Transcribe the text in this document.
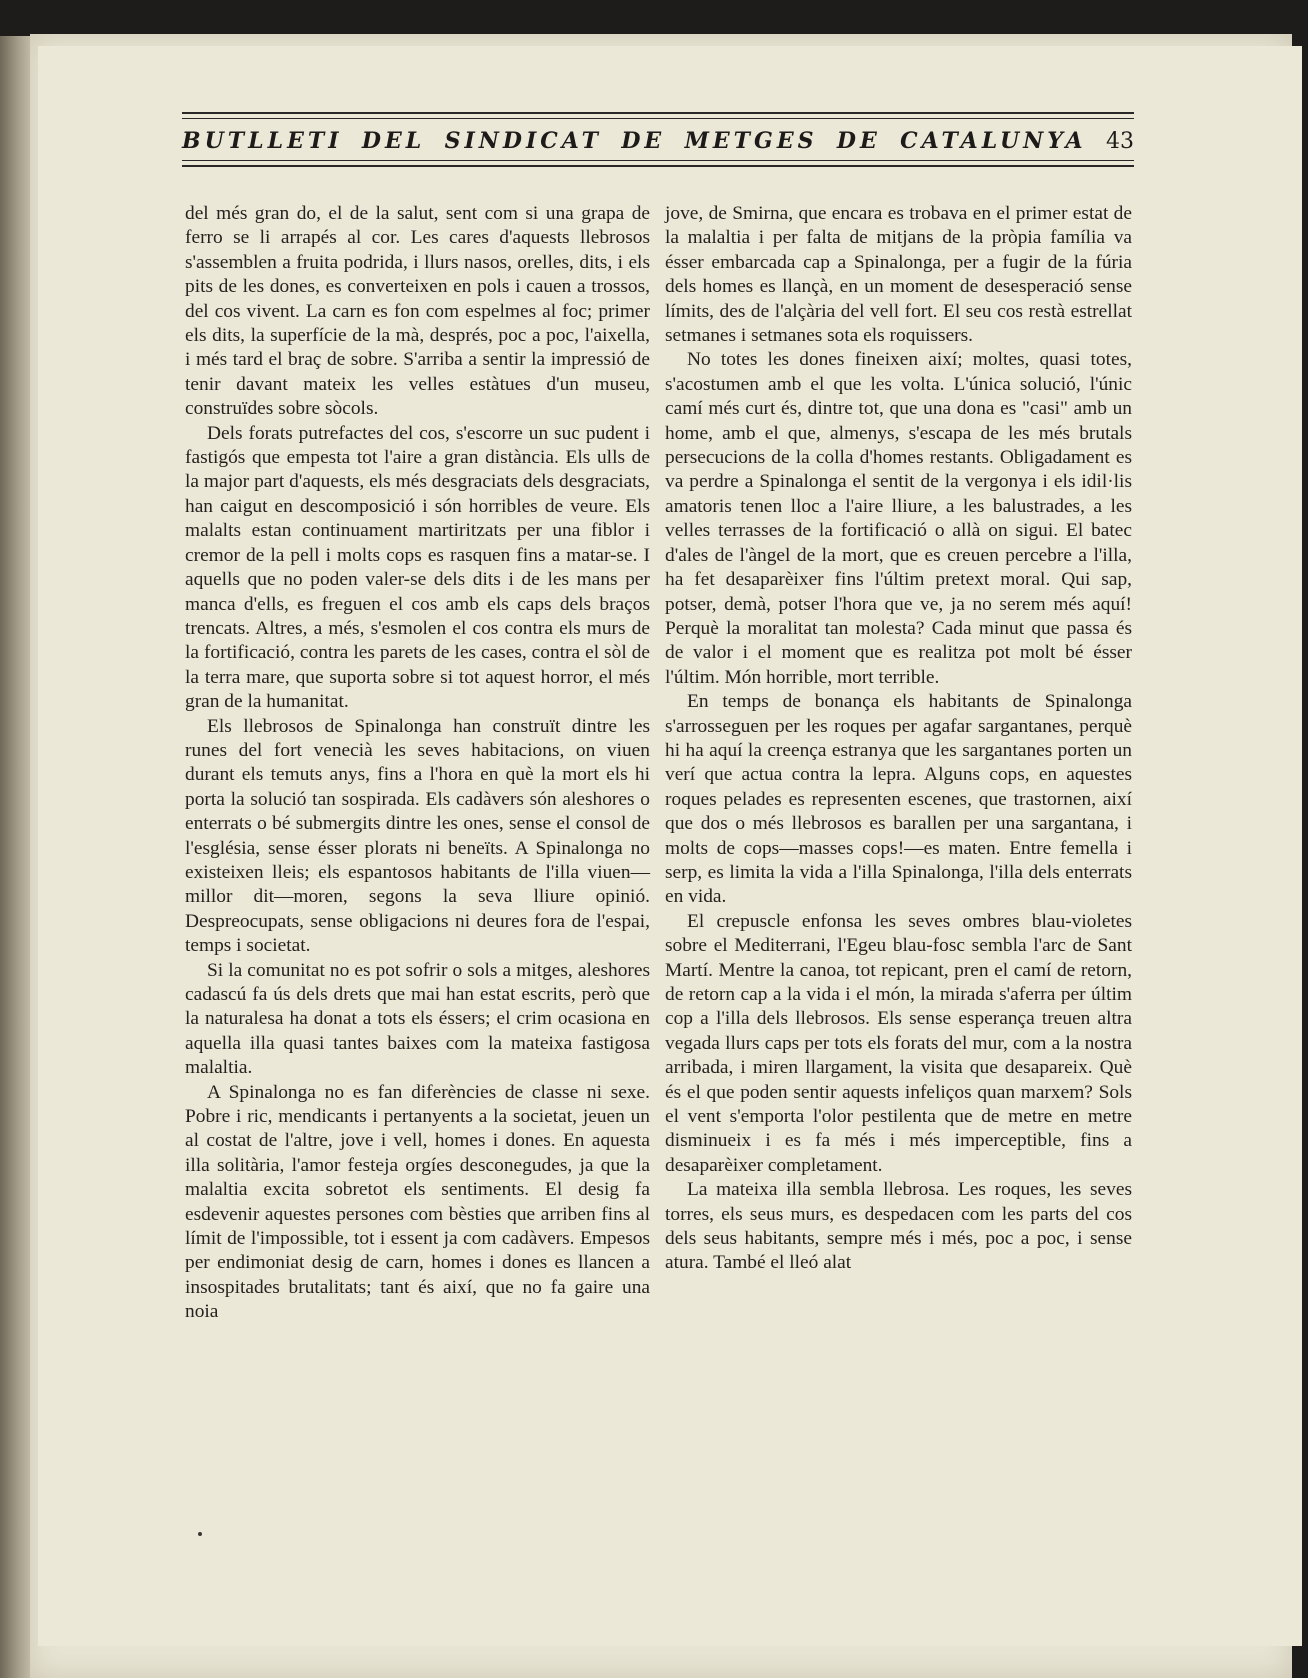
BUTLLETI DEL SINDICAT DE METGES DE CATALUNYA 43

del més gran do, el de la salut, sent com si una grapa de ferro se li arrapés al cor. Les cares d'aquests llebrosos s'assemblen a fruita podrida, i llurs nasos, orelles, dits, i els pits de les dones, es converteixen en pols i cauen a trossos, del cos vivent. La carn es fon com espelmes al foc; primer els dits, la superfície de la mà, després, poc a poc, l'aixella, i més tard el braç de sobre. S'arriba a sentir la impressió de tenir davant mateix les velles estàtues d'un museu, construïdes sobre sòcols.

Dels forats putrefactes del cos, s'escorre un suc pudent i fastigós que empesta tot l'aire a gran distància. Els ulls de la major part d'aquests, els més desgraciats dels desgraciats, han caigut en descomposició i són horribles de veure. Els malalts estan continuament martiritzats per una fiblor i cremor de la pell i molts cops es rasquen fins a matar-se. I aquells que no poden valer-se dels dits i de les mans per manca d'ells, es freguen el cos amb els caps dels braços trencats. Altres, a més, s'esmolen el cos contra els murs de la fortificació, contra les parets de les cases, contra el sòl de la terra mare, que suporta sobre si tot aquest horror, el més gran de la humanitat.

Els llebrosos de Spinalonga han construït dintre les runes del fort venecià les seves habitacions, on viuen durant els temuts anys, fins a l'hora en què la mort els hi porta la solució tan sospirada. Els cadàvers són aleshores o enterrats o bé submergits dintre les ones, sense el consol de l'església, sense ésser plorats ni beneïts. A Spinalonga no existeixen lleis; els espantosos habitants de l'illa viuen—millor dit—moren, segons la seva lliure opinió. Despreocupats, sense obligacions ni deures fora de l'espai, temps i societat.

Si la comunitat no es pot sofrir o sols a mitges, aleshores cadascú fa ús dels drets que mai han estat escrits, però que la naturalesa ha donat a tots els éssers; el crim ocasiona en aquella illa quasi tantes baixes com la mateixa fastigosa malaltia.

A Spinalonga no es fan diferències de classe ni sexe. Pobre i ric, mendicants i pertanyents a la societat, jeuen un al costat de l'altre, jove i vell, homes i dones. En aquesta illa solitària, l'amor festeja orgíes desconegudes, ja que la malaltia excita sobretot els sentiments. El desig fa esdevenir aquestes persones com bèsties que arriben fins al límit de l'impossible, tot i essent ja com cadàvers. Empesos per endimoniat desig de carn, homes i dones es llancen a insospitades brutalitats; tant és així, que no fa gaire una noia

jove, de Smirna, que encara es trobava en el primer estat de la malaltia i per falta de mitjans de la pròpia família va ésser embarcada cap a Spinalonga, per a fugir de la fúria dels homes es llançà, en un moment de desesperació sense límits, des de l'alçària del vell fort. El seu cos restà estrellat setmanes i setmanes sota els roquissers.

No totes les dones fineixen així; moltes, quasi totes, s'acostumen amb el que les volta. L'única solució, l'únic camí més curt és, dintre tot, que una dona es "casi" amb un home, amb el que, almenys, s'escapa de les més brutals persecucions de la colla d'homes restants. Obligadament es va perdre a Spinalonga el sentit de la vergonya i els idil·lis amatoris tenen lloc a l'aire lliure, a les balustrades, a les velles terrasses de la fortificació o allà on sigui. El batec d'ales de l'àngel de la mort, que es creuen percebre a l'illa, ha fet desaparèixer fins l'últim pretext moral. Qui sap, potser, demà, potser l'hora que ve, ja no serem més aquí! Perquè la moralitat tan molesta? Cada minut que passa és de valor i el moment que es realitza pot molt bé ésser l'últim. Món horrible, mort terrible.

En temps de bonança els habitants de Spinalonga s'arrosseguen per les roques per agafar sargantanes, perquè hi ha aquí la creença estranya que les sargantanes porten un verí que actua contra la lepra. Alguns cops, en aquestes roques pelades es representen escenes, que trastornen, així que dos o més llebrosos es barallen per una sargantana, i molts de cops—masses cops!—es maten. Entre femella i serp, es limita la vida a l'illa Spinalonga, l'illa dels enterrats en vida.

El crepuscle enfonsa les seves ombres blau-violetes sobre el Mediterrani, l'Egeu blau-fosc sembla l'arc de Sant Martí. Mentre la canoa, tot repicant, pren el camí de retorn, de retorn cap a la vida i el món, la mirada s'aferra per últim cop a l'illa dels llebrosos. Els sense esperança treuen altra vegada llurs caps per tots els forats del mur, com a la nostra arribada, i miren llargament, la visita que desapareix. Què és el que poden sentir aquests infeliços quan marxem? Sols el vent s'emporta l'olor pestilenta que de metre en metre disminueix i es fa més i més imperceptible, fins a desaparèixer completament.

La mateixa illa sembla llebrosa. Les roques, les seves torres, els seus murs, es despedacen com les parts del cos dels seus habitants, sempre més i més, poc a poc, i sense atura. També el lleó alat
